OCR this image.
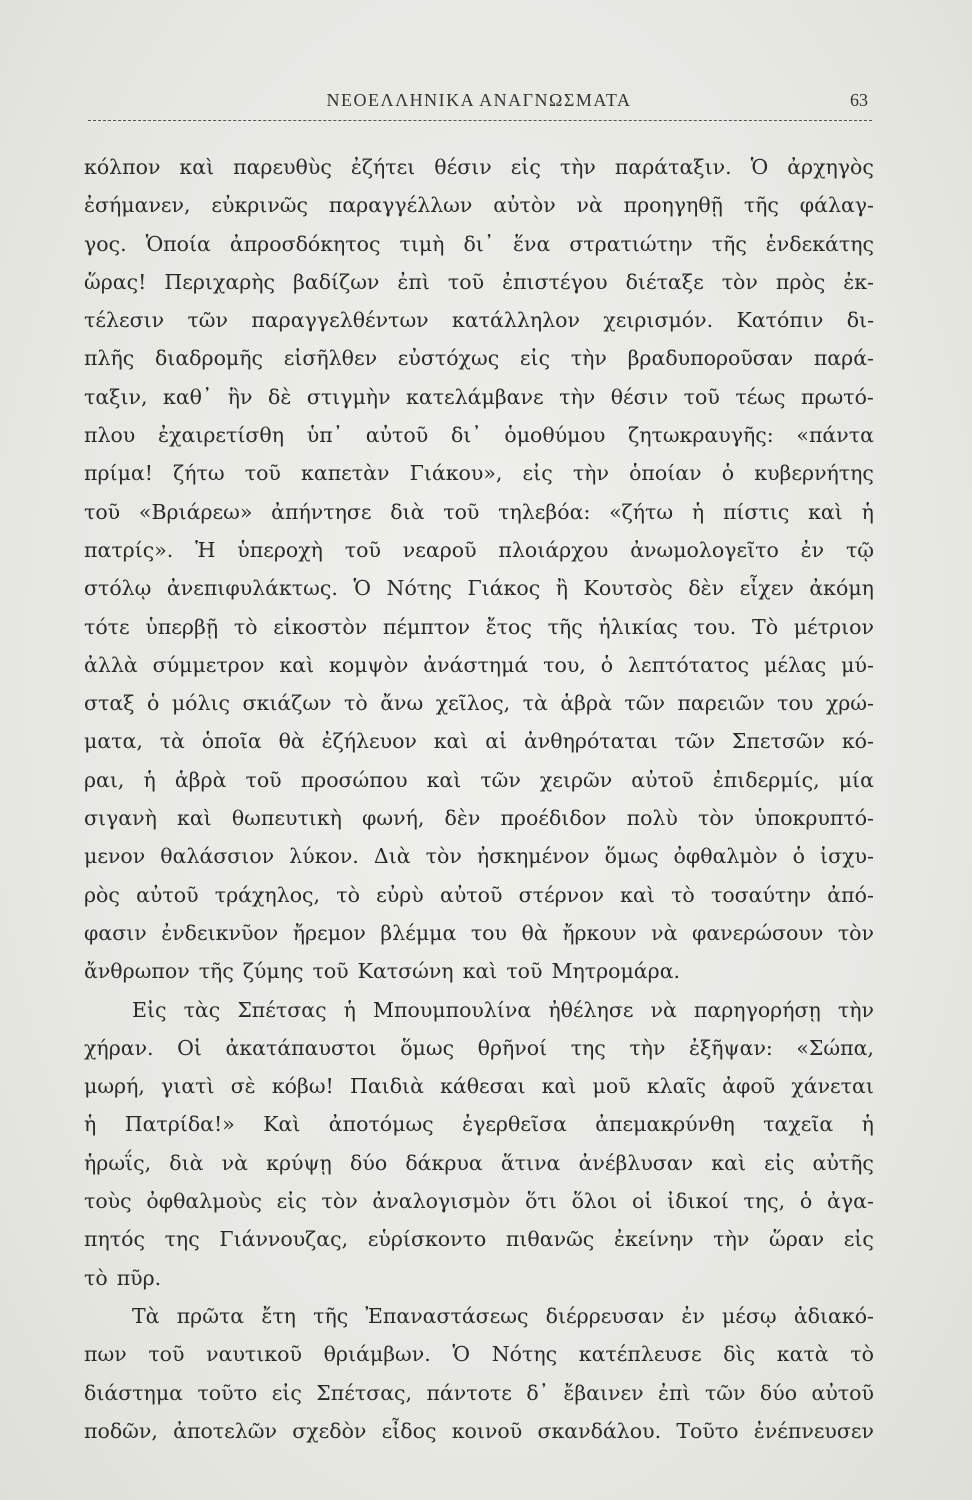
ΝΕΟΕΛΛΗΝΙΚΑ ΑΝΑΓΝΩΣΜΑΤΑ	63
κόλπον καὶ παρευθὺς ἐζήτει θέσιν εἰς τὴν παράταξιν. Ὁ ἀρχηγὸς
ἐσήμανεν, εὐκρινῶς παραγγέλλων αὐτὸν νὰ προηγηθῇ τῆς φάλαγ-
γος. Ὁποία ἀπροσδόκητος τιμὴ δι᾽ ἕνα στρατιώτην τῆς ἑνδεκάτης
ὥρας! Περιχαρὴς βαδίζων ἐπὶ τοῦ ἐπιστέγου διέταξε τὸν πρὸς ἐκ-
τέλεσιν τῶν παραγγελθέντων κατάλληλον χειρισμόν. Κατόπιν δι-
πλῆς διαδρομῆς εἰσῆλθεν εὐστόχως εἰς τὴν βραδυποροῦσαν παρά-
ταξιν, καθ᾽ ἣν δὲ στιγμὴν κατελάμβανε τὴν θέσιν τοῦ τέως πρωτό-
πλου ἐχαιρετίσθη ὑπ᾽ αὐτοῦ δι᾽ ὁμοθύμου ζητωκραυγῆς: «πάντα
πρίμα! ζήτω τοῦ καπετὰν Γιάκου», εἰς τὴν ὁποίαν ὁ κυβερνήτης
τοῦ «Βριάρεω» ἀπήντησε διὰ τοῦ τηλεβόα: «ζήτω ἡ πίστις καὶ ἡ
πατρίς». Ἡ ὑπεροχὴ τοῦ νεαροῦ πλοιάρχου ἀνωμολογεῖτο ἐν τῷ
στόλῳ ἀνεπιφυλάκτως. Ὁ Νότης Γιάκος ἢ Κουτσὸς δὲν εἶχεν ἀκόμη
τότε ὑπερβῇ τὸ εἰκοστὸν πέμπτον ἔτος τῆς ἡλικίας του. Τὸ μέτριον
ἀλλὰ σύμμετρον καὶ κομψὸν ἀνάστημά του, ὁ λεπτότατος μέλας μύ-
σταξ ὁ μόλις σκιάζων τὸ ἄνω χεῖλος, τὰ ἁβρὰ τῶν παρειῶν του χρώ-
ματα, τὰ ὁποῖα θὰ ἐζήλευον καὶ αἱ ἀνθηρόταται τῶν Σπετσῶν κό-
ραι, ἡ ἁβρὰ τοῦ προσώπου καὶ τῶν χειρῶν αὐτοῦ ἐπιδερμίς, μία
σιγανὴ καὶ θωπευτικὴ φωνή, δὲν προέδιδον πολὺ τὸν ὑποκρυπτό-
μενον θαλάσσιον λύκον. Διὰ τὸν ἠσκημένον ὅμως ὀφθαλμὸν ὁ ἰσχυ-
ρὸς αὐτοῦ τράχηλος, τὸ εὐρὺ αὐτοῦ στέρνον καὶ τὸ τοσαύτην ἀπό-
φασιν ἐνδεικνῦον ἤρεμον βλέμμα του θὰ ἤρκουν νὰ φανερώσουν τὸν
ἄνθρωπον τῆς ζύμης τοῦ Κατσώνη καὶ τοῦ Μητρομάρα.
Εἰς τὰς Σπέτσας ἡ Μπουμπουλίνα ἠθέλησε νὰ παρηγορήσῃ τὴν
χήραν. Οἱ ἀκατάπαυστοι ὅμως θρῆνοί της τὴν ἐξῆψαν: «Σώπα,
μωρή, γιατὶ σὲ κόβω! Παιδιὰ κάθεσαι καὶ μοῦ κλαῖς ἀφοῦ χάνεται
ἡ Πατρίδα!» Καὶ ἀποτόμως ἐγερθεῖσα ἀπεμακρύνθη ταχεῖα ἡ
ἡρωΐς, διὰ νὰ κρύψῃ δύο δάκρυα ἅτινα ἀνέβλυσαν καὶ εἰς αὐτῆς
τοὺς ὀφθαλμοὺς εἰς τὸν ἀναλογισμὸν ὅτι ὅλοι οἱ ἰδικοί της, ὁ ἀγα-
πητός της Γιάννουζας, εὑρίσκοντο πιθανῶς ἐκείνην τὴν ὥραν εἰς
τὸ πῦρ.
Τὰ πρῶτα ἔτη τῆς Ἐπαναστάσεως διέρρευσαν ἐν μέσῳ ἀδιακό-
πων τοῦ ναυτικοῦ θριάμβων. Ὁ Νότης κατέπλευσε δὶς κατὰ τὸ
διάστημα τοῦτο εἰς Σπέτσας, πάντοτε δ᾽ ἔβαινεν ἐπὶ τῶν δύο αὐτοῦ
ποδῶν, ἀποτελῶν σχεδὸν εἶδος κοινοῦ σκανδάλου. Τοῦτο ἐνέπνευσεν
